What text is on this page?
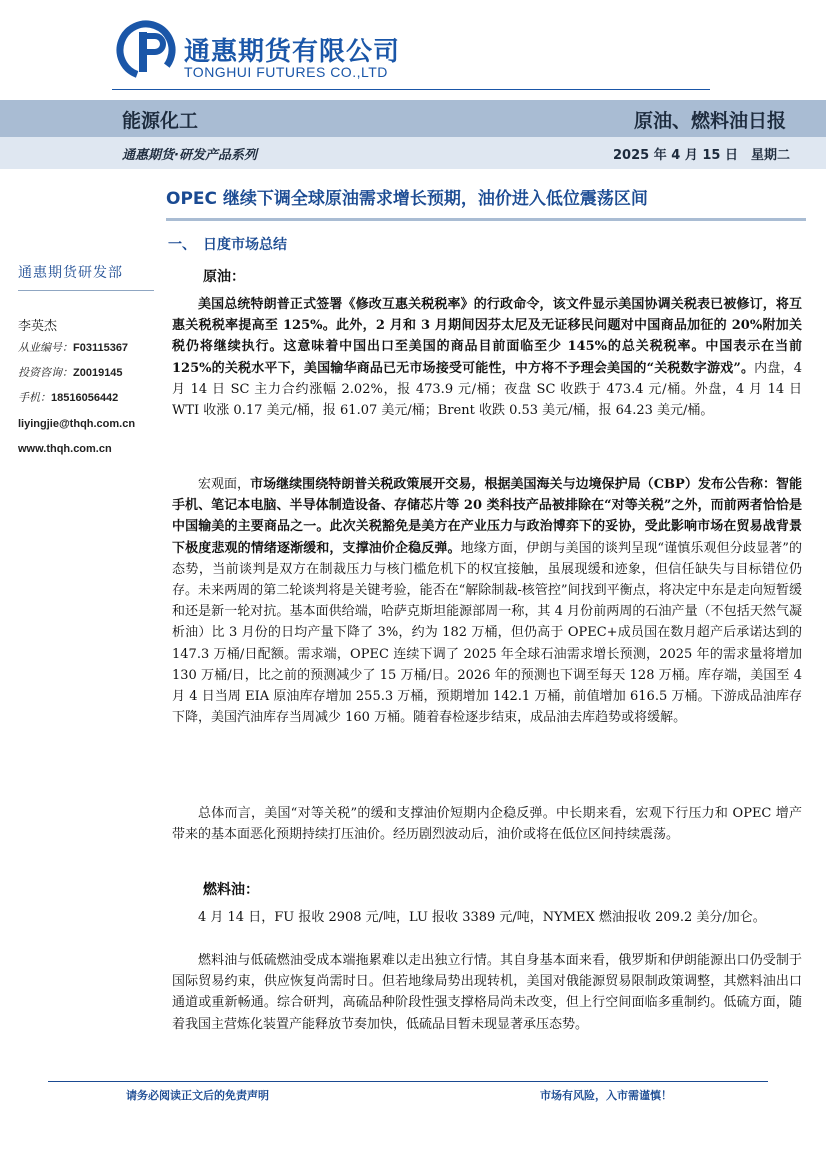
通惠期货有限公司
TONGHUI FUTURES CO.,LTD
能源化工	原油、燃料油日报
通惠期货·研发产品系列	2025 年 4 月 15 日　 星期二
OPEC 继续下调全球原油需求增长预期，油价进入低位震荡区间
通惠期货研发部
李英杰
从业编号：F03115367
投资咨询：Z0019145
手机：18516056442
liyingjie@thqh.com.cn
www.thqh.com.cn
一、　日度市场总结
原油：

美国总统特朗普正式签署《修改互惠关税税率》的行政命令，该文件显示美国协调关税表已被修订，将互惠关税税率提高至 125%。此外，2 月和 3 月期间因芬太尼及无证移民问题对中国商品加征的 20%附加关税仍将继续执行。这意味着中国出口至美国的商品目前面临至少 145%的总关税税率。中国表示在当前 125%的关税水平下，美国输华商品已无市场接受可能性，中方将不予理会美国的“关税数字游戏”。内盘，4 月 14 日 SC 主力合约涨幅 2.02%，报 473.9 元/桶；夜盘 SC 收跌于 473.4 元/桶。外盘，4 月 14 日 WTI 收涨 0.17 美元/桶，报 61.07 美元/桶；Brent 收跌 0.53 美元/桶，报 64.23 美元/桶。

宏观面，市场继续围绕特朗普关税政策展开交易，根据美国海关与边境保护局（CBP）发布公告称：智能手机、笔记本电脑、半导体制造设备、存储芯片等 20 类科技产品被排除在“对等关税”之外，而前两者恰恰是中国输美的主要商品之一。此次关税豁免是美方在产业压力与政治博弈下的妥协，受此影响市场在贸易战背景下极度悲观的情绪逐渐缓和，支撑油价企稳反弹。地缘方面，伊朗与美国的谈判呈现“谨慎乐观但分歧显著”的态势，当前谈判是双方在制裁压力与核门槛危机下的权宜接触，虽展现缓和迹象，但信任缺失与目标错位仍存。未来两周的第二轮谈判将是关键考验，能否在“解除制裁-核管控”间找到平衡点，将决定中东是走向短暂缓和还是新一轮对抗。基本面供给端，哈萨克斯坦能源部周一称，其 4 月份前两周的石油产量（不包括天然气凝析油）比 3 月份的日均产量下降了 3%，约为 182 万桶，但仍高于 OPEC+成员国在数月超产后承诺达到的 147.3 万桶/日配额。需求端，OPEC 连续下调了 2025 年全球石油需求增长预测，2025 年的需求量将增加 130 万桶/日，比之前的预测减少了 15 万桶/日。2026 年的预测也下调至每天 128 万桶。库存端，美国至 4 月 4 日当周 EIA 原油库存增加 255.3 万桶，预期增加 142.1 万桶，前值增加 616.5 万桶。下游成品油库存下降，美国汽油库存当周减少 160 万桶。随着春检逐步结束，成品油去库趋势或将缓解。

总体而言，美国“对等关税”的缓和支撑油价短期内企稳反弹。中长期来看，宏观下行压力和 OPEC 增产带来的基本面恶化预期持续打压油价。经历剧烈波动后，油价或将在低位区间持续震荡。

燃料油：

4 月 14 日，FU 报收 2908 元/吨，LU 报收 3389 元/吨，NYMEX 燃油报收 209.2 美分/加仑。

燃料油与低硫燃油受成本端拖累难以走出独立行情。其自身基本面来看，俄罗斯和伊朗能源出口仍受制于国际贸易约束，供应恢复尚需时日。但若地缘局势出现转机，美国对俄能源贸易限制政策调整，其燃料油出口通道或重新畅通。综合研判，高硫品种阶段性强支撑格局尚未改变，但上行空间面临多重制约。低硫方面，随着我国主营炼化装置产能释放节奏加快，低硫品目暂未现显著承压态势。

请务必阅读正文后的免责声明	市场有风险，入市需谨慎！
